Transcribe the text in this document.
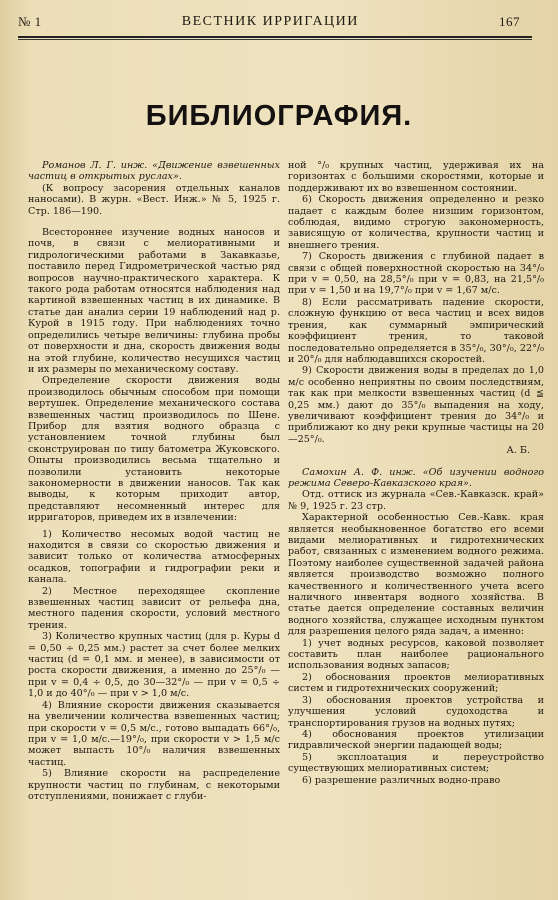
№ 1	ВЕСТНИК ИРРИГАЦИИ	167
БИБЛИОГРАФИЯ.

Романов Л. Г. инж. «Движение взвешенных частиц в открытых руслах».

(К вопросу засорения отдельных каналов наносами). В журн. «Вест. Инж.» № 5, 1925 г. Стр. 186—190.

Всестороннее изучение водных наносов и почв, в связи с мелиоративными и гидрологическими работами в Закавказье, поставило перед Гидрометрической частью ряд вопросов научно-практического характера. К такого рода работам относятся наблюдения над картиной взвешенных частиц в их динамике. В статье дан анализ серии 19 наблюдений над р. Курой в 1915 году. При наблюдениях точно определились четыре величины: глубина пробы от поверхности и дна, скорость движения воды на этой глубине, количество несущихся частиц и их размеры по механическому составу.

Определение скорости движения воды производилось обычным способом при помощи вертушек. Определение механического состава взвешенных частиц производилось по Шене. Прибор для взятия водного образца с установлением точной глубины был сконструирован по типу батометра Жуковского. Опыты производились весьма тщательно и позволили установить некоторые закономерности в движении наносов. Так как выводы, к которым приходит автор, представляют несомненный интерес для ирригаторов, приведем их в извлечении:

1) Количество несомых водой частиц не находится в связи со скоростью движения и зависит только от количества атмосферных осадков, топографии и гидрографии реки и канала.

2) Местное переходящее скопление взвешенных частиц зависит от рельефа дна, местного падения скорости, условий местного трения.

3) Количество крупных частиц (для р. Куры d = 0,50 ÷ 0,25 мм.) растет за счет более мелких частиц (d = 0,1 мм. и менее), в зависимости от роста скорости движения, а именно до 25°/₀ — при v = 0,4 ÷ 0,5, до 30—32°/₀ — при v = 0,5 ÷ 1,0 и до 40°/₀ — при v > 1,0 м/с.

4) Влияние скорости движения сказывается на увеличении количества взвешенных частиц; при скорости v = 0,5 м/с., готово выпадать 66°/₀, при v = 1,0 м/с.—19°/₀, при скорости v > 1,5 м/с может выпасть 10°/₀ наличия взвешенных частиц.

5) Влияние скорости на распределение крупности частиц по глубинам, с некоторыми отступлениями, понижает с глуби-

ной °/₀ крупных частиц, удерживая их на горизонтах с большими скоростями, которые и поддерживают их во взвешенном состоянии.

6) Скорость движения определенно и резко падает с каждым более низшим горизонтом, соблюдая, видимо строгую закономерность, зависящую от количества, крупности частиц и внешнего трения.

7) Скорость движения с глубиной падает в связи с общей поверхностной скоростью на 34°/₀ при v = 0,50, на 28,5°/₀ при v = 0,83, на 21,5°/₀ при v = 1,50 и на 19,7°/₀ при v = 1,67 м/с.

8) Если рассматривать падение скорости, сложную функцию от веса частиц и всех видов трения, как суммарный эмпирический коэффициент трения, то таковой последовательно определяется в 35°/₀, 30°/₀, 22°/₀ и 20°/₀ для наблюдавшихся скоростей.

9) Скорости движения воды в пределах до 1,0 м/с особенно неприятны по своим последствиям, так как при мелкости взвешенных частиц (d ≦ 0,25 мм.) дают до 35°/₀ выпадения на ходу, увеличивают коэффициент трения до 34°/₀ и приближают ко дну реки крупные частицы на 20—25°/₀.

А. Б.

Самохин А. Ф. инж. «Об изучении водного режима Северо-Кавказского края».

Отд. оттиск из журнала «Сев.-Кавказск. край» № 9, 1925 г. 23 стр.

Характерной особенностью Сев.-Кавк. края является необыкновенное богатство его всеми видами мелиоративных и гидротехнических работ, связанных с изменением водного режима. Поэтому наиболее существенной задачей района является производство возможно полного качественного и количественного учета всего наличного инвентаря водного хозяйства. В статье дается определение составных величин водного хозяйства, служащее исходным пунктом для разрешения целого ряда задач, а именно:

1) учет водных ресурсов, каковой позволяет составить план наиболее рационального использования водных запасов;

2) обоснования проектов мелиоративных систем и гидротехнических сооружений;

3) обоснования проектов устройства и улучшения условий судоходства и транспортирования грузов на водных путях;

4) обоснования проектов утилизации гидравлической энергии падающей воды;

5) эксплоатация и переустройство существующих мелиоративных систем;

6) разрешение различных водно-право
